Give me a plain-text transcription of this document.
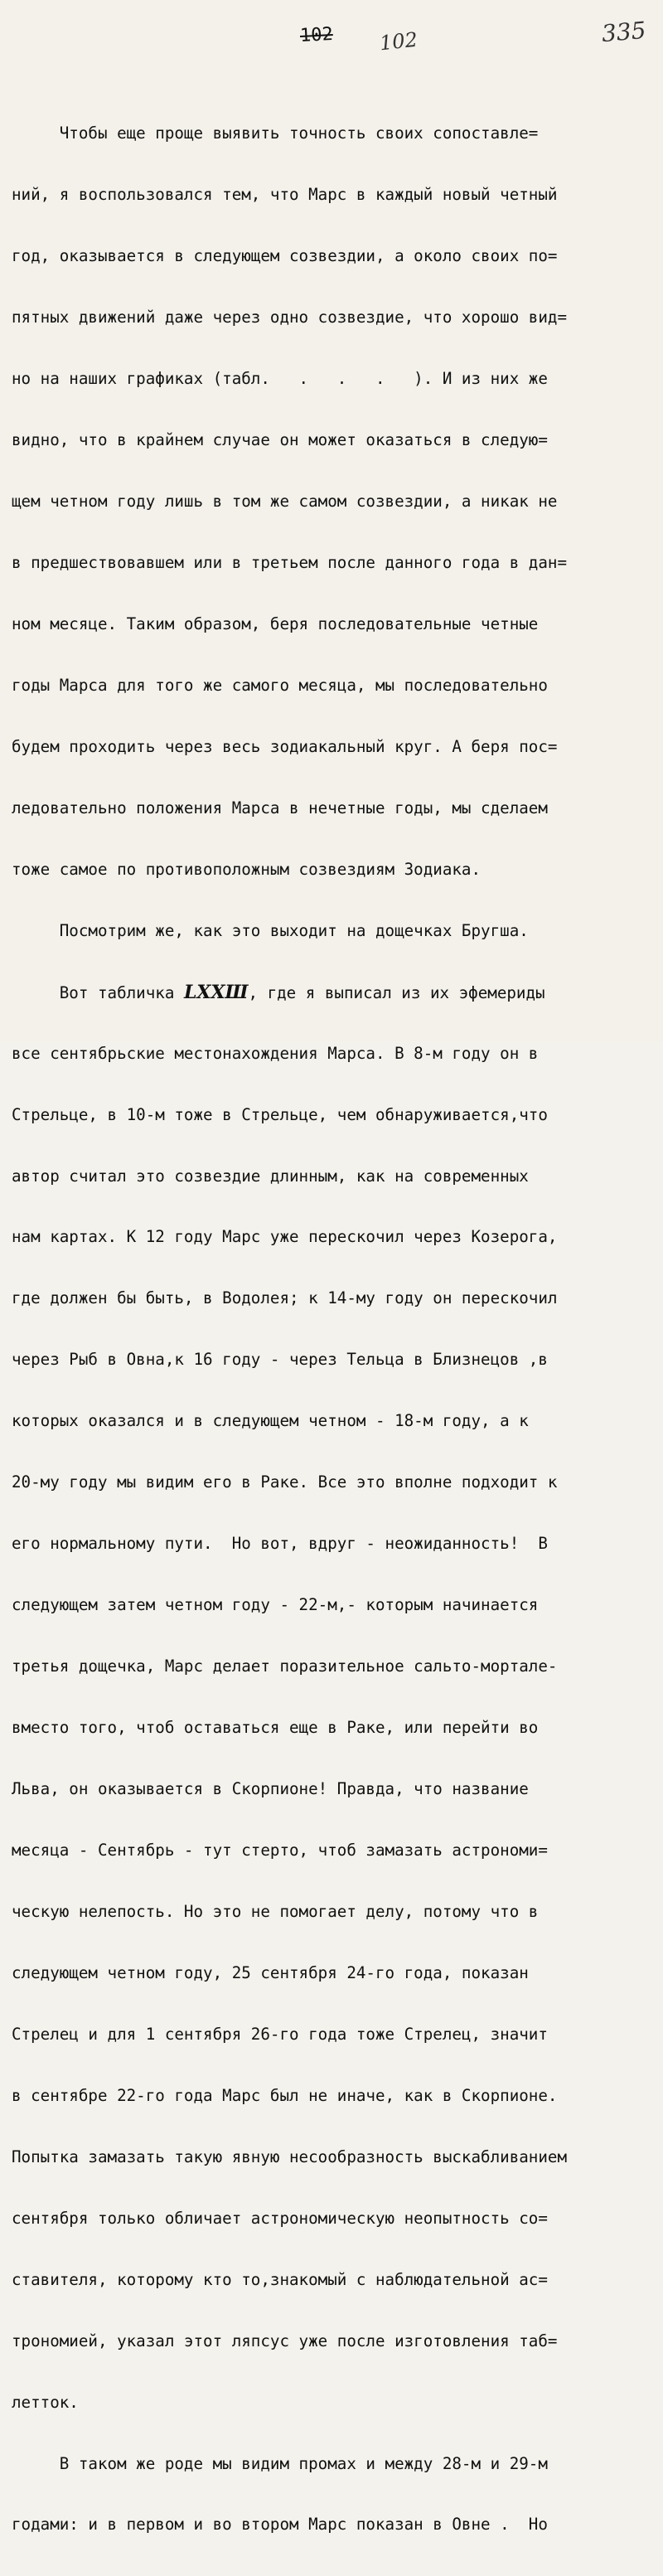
102 102	335

Чтобы еще проще выявить точность своих сопоставле=

ний, я воспользовался тем, что Марс в каждый новый четный

год, оказывается в следующем созвездии, а около своих по=

пятных движений даже через одно созвездие, что хорошо вид=

но на наших графиках (табл.   .   .   .   ). И из них же

видно, что в крайнем случае он может оказаться в следую=

щем четном году лишь в том же самом созвездии, а никак не

в предшествовавшем или в третьем после данного года в дан=

ном месяце. Таким образом, беря последовательные четные

годы Марса для того же самого месяца, мы последовательно

будем проходить через весь зодиакальный круг. А беря пос=

ледовательно положения Марса в нечетные годы, мы сделаем

тоже самое по противоположным созвездиям Зодиака.

Посмотрим же, как это выходит на дощечках Бругша.

Вот табличка LXXШ, где я выписал из их эфемериды

все сентябрьские местонахождения Марса. В 8-м году он в

Стрельце, в 10-м тоже в Стрельце, чем обнаруживается,что

автор считал это созвездие длинным, как на современных

нам картах. К 12 году Марс уже перескочил через Козерога,

где должен бы быть, в Водолея; к 14-му году он перескочил

через Рыб в Овна,к 16 году - через Тельца в Близнецов ,в

которых оказался и в следующем четном - 18-м году, а к

20-му году мы видим его в Раке. Все это вполне подходит к

его нормальному пути.  Но вот, вдруг - неожиданность!  В

следующем затем четном году - 22-м,- которым начинается

третья дощечка, Марс делает поразительное сальто-мортале-

вместо того, чтоб оставаться еще в Раке, или перейти во

Льва, он оказывается в Скорпионе! Правда, что название

месяца - Сентябрь - тут стерто, чтоб замазать астрономи=

ческую нелепость. Но это не помогает делу, потому что в

следующем четном году, 25 сентября 24-го года, показан

Стрелец и для 1 сентября 26-го года тоже Стрелец, значит

в сентябре 22-го года Марс был не иначе, как в Скорпионе.

Попытка замазать такую явную несообразность выскабливанием

сентября только обличает астрономическую неопытность со=

ставителя, которому кто то,знакомый с наблюдательной ас=

трономией, указал этот ляпсус уже после изготовления таб=

летток.

В таком же роде мы видим промах и между 28-м и 29-м

годами: и в первом и во втором Марс показан в Овне .  Но
